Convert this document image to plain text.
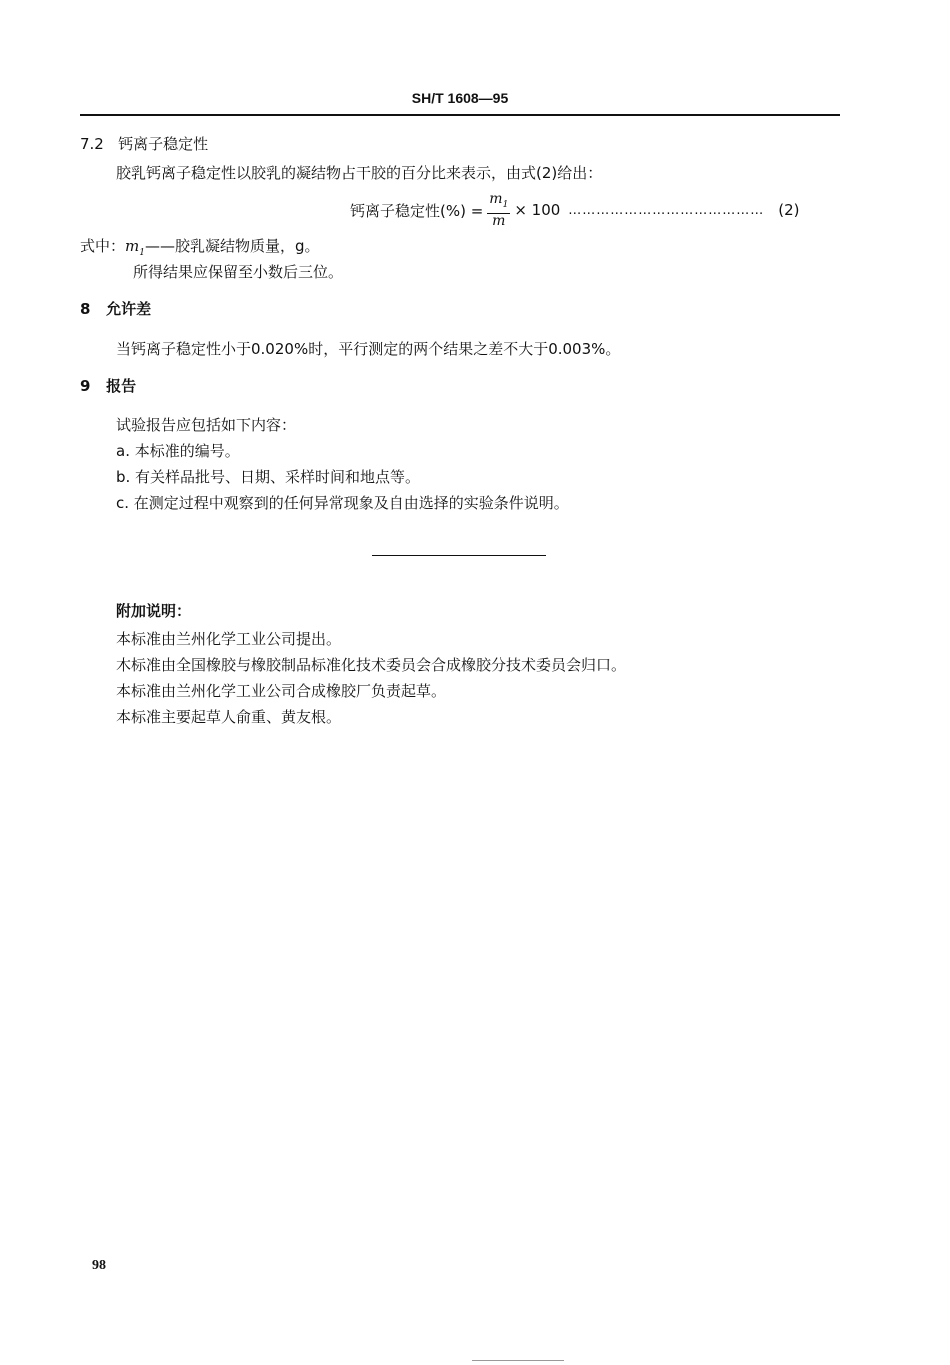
SH/T 1608—95
7.2 钙离子稳定性
胶乳钙离子稳定性以胶乳的凝结物占干胶的百分比来表示，由式(2)给出：
钙离子稳定性(%) = $\frac{m_1}{m} \times 100$ …………………………………… (2)
式中：$m_1——$胶乳凝结物质量，g。
所得结果应保留至小数后三位。
8 允许差
当钙离子稳定性小于0.020%时，平行测定的两个结果之差不大于0.003%。
9 报告
试验报告应包括如下内容：
a. 本标准的编号。
b. 有关样品批号、日期、采样时间和地点等。
c. 在测定过程中观察到的任何异常现象及自由选择的实验条件说明。
附加说明：
本标准由兰州化学工业公司提出。
木标准由全国橡胶与橡胶制品标准化技术委员会合成橡胶分技术委员会归口。
本标准由兰州化学工业公司合成橡胶厂负责起草。
本标准主要起草人俞重、黄友根。
98
